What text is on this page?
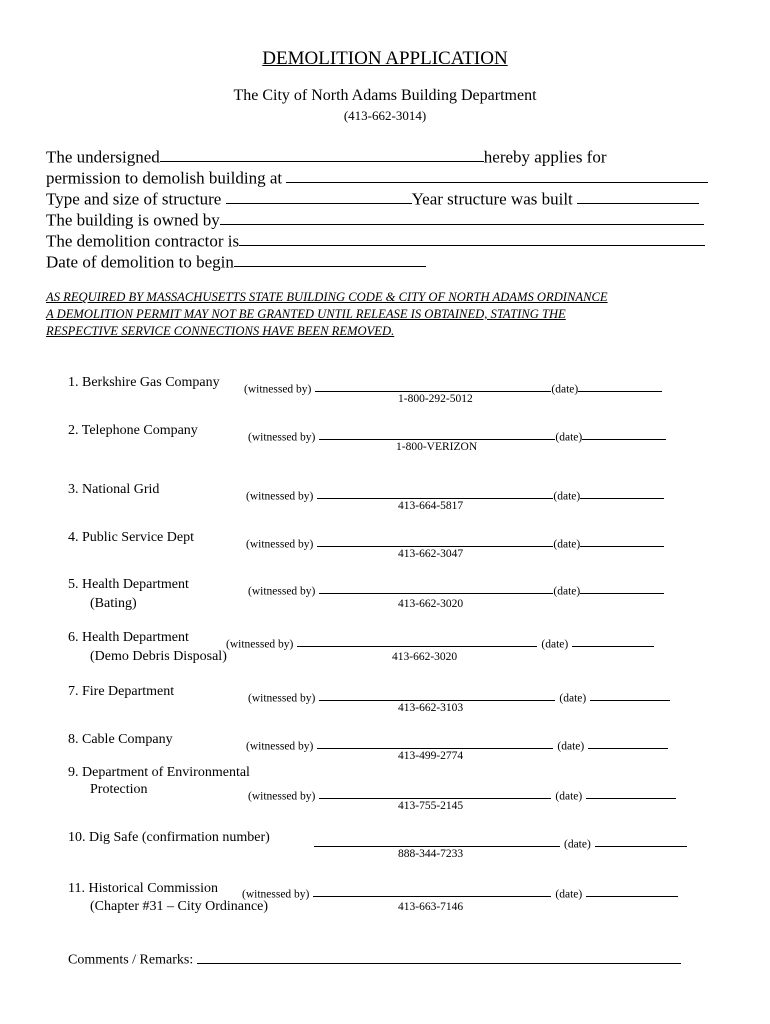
DEMOLITION APPLICATION
The City of North Adams Building Department
(413-662-3014)
The undersigned	hereby applies for
permission to demolish building at
Type and size of structure	Year structure was built
The building is owned by
The demolition contractor is
Date of demolition to begin
AS REQUIRED BY MASSACHUSETTS STATE BUILDING CODE & CITY OF NORTH ADAMS ORDINANCE
A DEMOLITION PERMIT MAY NOT BE GRANTED UNTIL RELEASE IS OBTAINED, STATING THE
RESPECTIVE SERVICE CONNECTIONS HAVE BEEN REMOVED.
1. Berkshire Gas Company (witnessed by)	(date)
1-800-292-5012
2. Telephone Company	(witnessed by)	(date)
1-800-VERIZON
3. National Grid	(witnessed by)	(date)
413-664-5817
4. Public Service Dept	(witnessed by)	(date)
413-662-3047
5. Health Department
(Bating)
(witnessed by)	(date)
413-662-3020
6. Health Department
(Demo Debris Disposal)
(witnessed by)	(date)
413-662-3020
7. Fire Department	(witnessed by)	(date)
413-662-3103
8. Cable Company	(witnessed by)	(date)
413-499-2774
9. Department of Environmental
Protection	(witnessed by)	(date)
413-755-2145
10. Dig Safe (confirmation number)	(date)
888-344-7233
11. Historical Commission
(Chapter #31 – City Ordinance)
(witnessed by)	(date)
413-663-7146
Comments / Remarks:
